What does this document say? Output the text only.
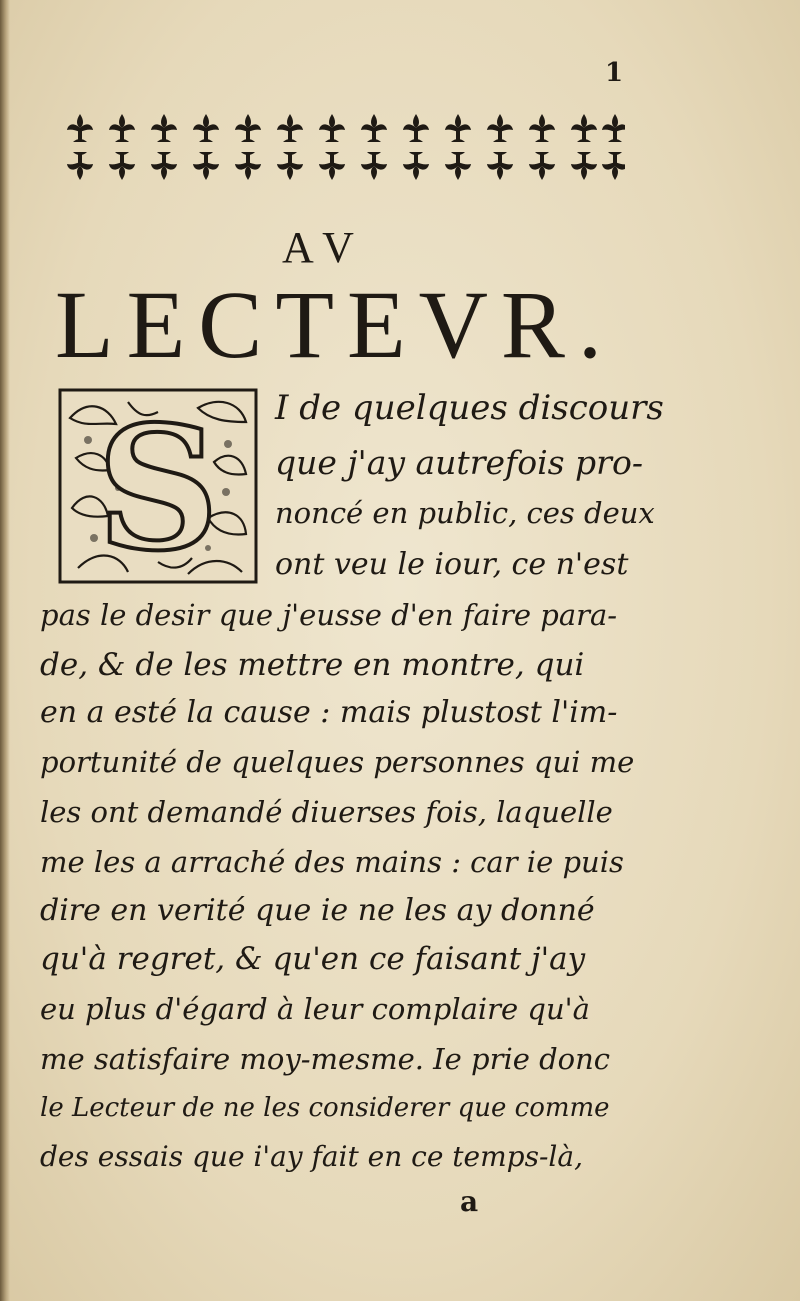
1
AV
LECTEVR.
S I de quelques discours
que j'ay autrefois pro-
noncé en public, ces deux
ont veu le iour, ce n'est
pas le desir que j'eusse d'en faire para-
de, & de les mettre en montre, qui
en a esté la cause : mais plustost l'im-
portunité de quelques personnes qui me
les ont demandé diuerses fois, laquelle
me les a arraché des mains : car ie puis
dire en verité que ie ne les ay donné
qu'à regret, & qu'en ce faisant j'ay
eu plus d'égard à leur complaire qu'à
me satisfaire moy-mesme. Ie prie donc
le Lecteur de ne les considerer que comme
des essais que i'ay fait en ce temps-là,
a
